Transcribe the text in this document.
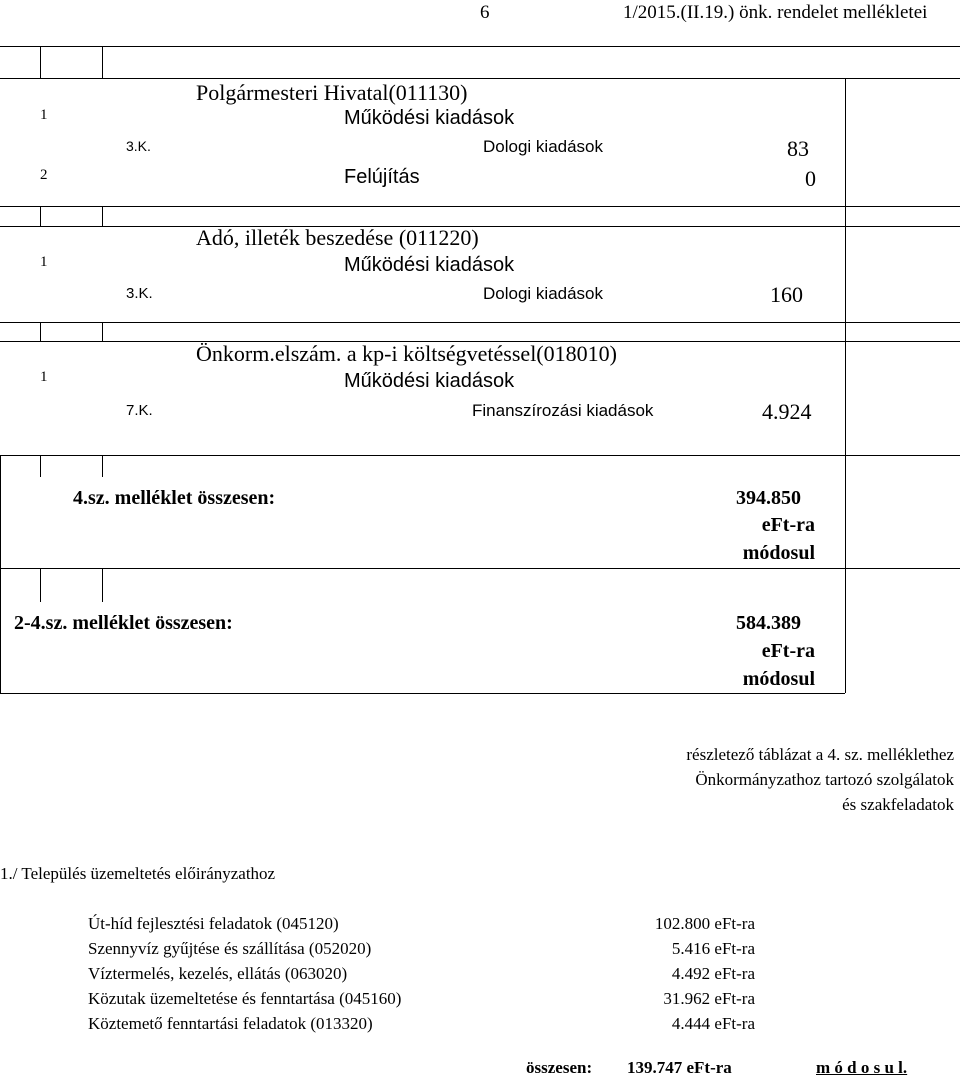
6	1/2015.(II.19.) önk. rendelet mellékletei
Polgármesteri Hivatal(011130)
1	Működési kiadások
3.K.	Dologi kiadások	83
2	Felújítás	0
Adó, illeték beszedése (011220)
1	Működési kiadások
3.K.	Dologi kiadások	160
Önkorm.elszám. a kp-i költségvetéssel(018010)
1	Működési kiadások
7.K.	Finanszírozási kiadások	4.924
4.sz. melléklet összesen:	394.850
eFt-ra
módosul
2-4.sz. melléklet összesen:	584.389
eFt-ra
módosul
részletező táblázat a 4. sz. melléklethez
Önkormányzathoz tartozó szolgálatok
és szakfeladatok
1./ Település üzemeltetés előirányzathoz
Út-híd fejlesztési feladatok (045120)	102.800 eFt-ra
Szennyvíz gyűjtése és szállítása (052020)	5.416 eFt-ra
Víztermelés, kezelés, ellátás (063020)	4.492 eFt-ra
Közutak üzemeltetése és fenntartása (045160)	31.962 eFt-ra
Köztemető fenntartási feladatok (013320)	4.444 eFt-ra
összesen: 139.747 eFt-ra	m ó d o s u l.
